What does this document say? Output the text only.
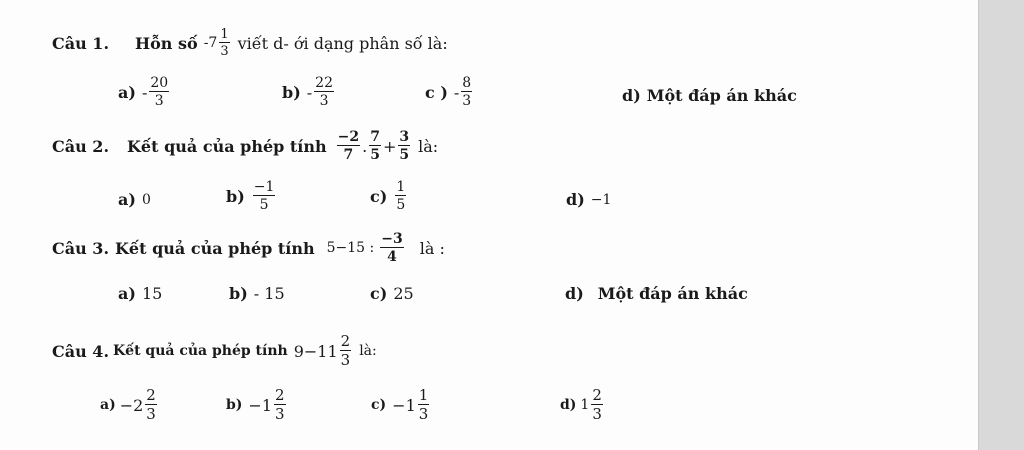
Câu 1. Hỗn số $-7 \frac{1}{3}$ viết d- ới dạng phân số là:
$a) - \frac{20}{3}$	$b) - \frac{22}{3}$	c ) - $\frac{8}{3}$	d) Một đáp án khác
Câu 2. Kết quả của phép tính $\frac{-2}{7}$ . $\frac{7}{5} + \frac{3}{5}$ là:
a) 0	$b) \frac{-1}{5}$	$c) \frac{1}{5}$	d) −1
Câu 3. Kết quả của phép tính 5−15 : $\frac{-3}{4}$ là :
a) 15	b) - 15	c) 25	d) Một đáp án khác
Câu 4. Kết quả của phép tính $9-11 \frac{2}{3}$ là:
$a) -2 \frac{2}{3}$	$b) -1 \frac{2}{3}$	$c) -1 \frac{1}{3}$	d) $1 \frac{2}{3}$
